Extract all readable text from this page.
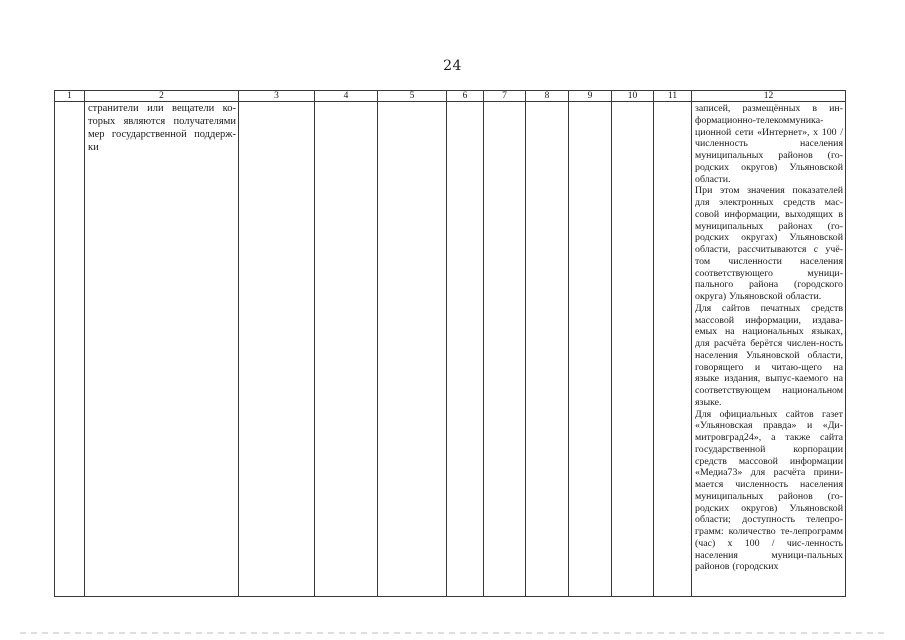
24
1	2	3	4	5	6	7	8	9	10	11	12

	странители или вещатели ко-торых являются получателями мер государственной поддерж-ки										записей, размещённых в ин-формационно-телекоммуника-ционной сети «Интернет», х 100 / численность населения муниципальных районов (го-родских округов) Ульяновской области.
При этом значения показателей для электронных средств мас-совой информации, выходящих в муниципальных районах (го-родских округах) Ульяновской области, рассчитываются с учё-том численности населения соответствующего муници-пального района (городского округа) Ульяновской области.
Для сайтов печатных средств массовой информации, издава-емых на национальных языках, для расчёта берётся числен-ность населения Ульяновской области, говорящего и читаю-щего на языке издания, выпус-каемого на соответствующем национальном языке.
Для официальных сайтов газет «Ульяновская правда» и «Ди-митровград24», а также сайта государственной корпорации средств массовой информации «Медиа73» для расчёта прини-мается численность населения муниципальных районов (го-родских округов) Ульяновской области; доступность телепро-грамм: количество те-лепрограмм (час) х 100 / чис-ленность населения муници-пальных районов (городских
